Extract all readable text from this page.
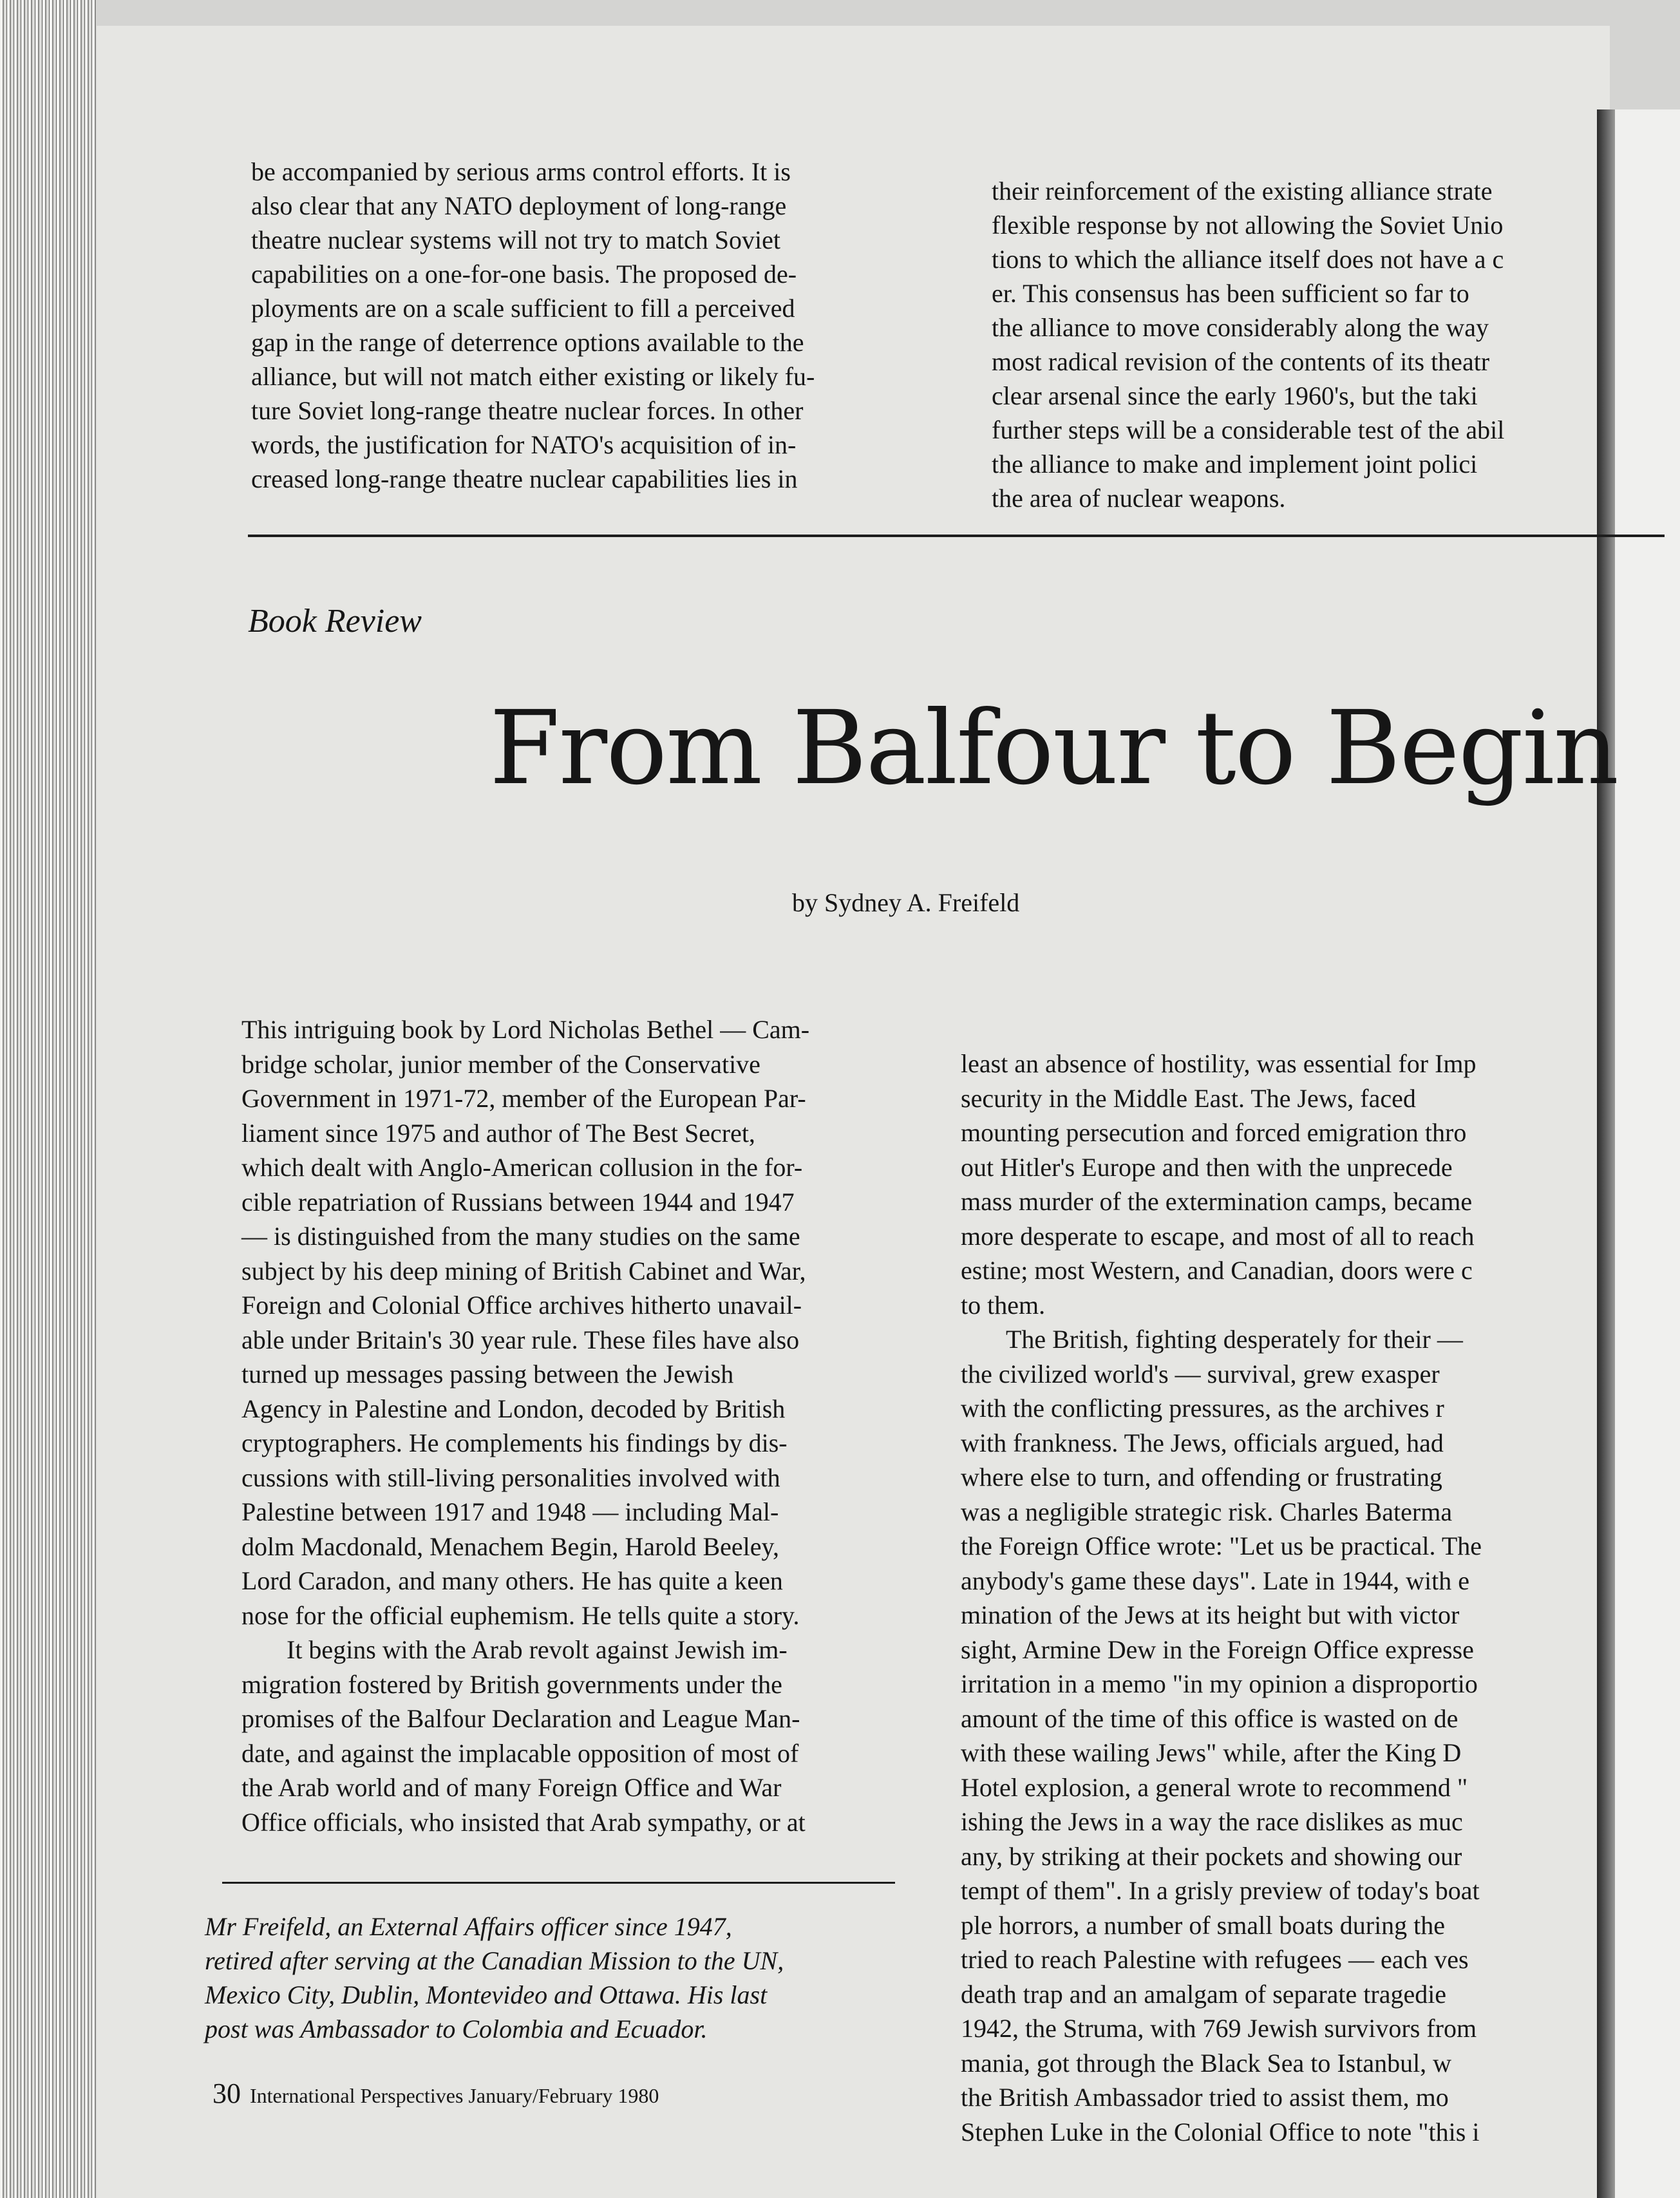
be accompanied by serious arms control efforts. It is

also clear that any NATO deployment of long-range

theatre nuclear systems will not try to match Soviet

capabilities on a one-for-one basis. The proposed de-

ployments are on a scale sufficient to fill a perceived

gap in the range of deterrence options available to the

alliance, but will not match either existing or likely fu-

ture Soviet long-range theatre nuclear forces. In other

words, the justification for NATO's acquisition of in-

creased long-range theatre nuclear capabilities lies in

their reinforcement of the existing alliance strate

flexible response by not allowing the Soviet Unio

tions to which the alliance itself does not have a c

er. This consensus has been sufficient so far to

the alliance to move considerably along the way

most radical revision of the contents of its theatr

clear arsenal since the early 1960's, but the taki

further steps will be a considerable test of the abil

the alliance to make and implement joint polici

the area of nuclear weapons.

Book Review
From Balfour to Begin
by Sydney A. Freifeld

This intriguing book by Lord Nicholas Bethel — Cam-

bridge scholar, junior member of the Conservative

Government in 1971-72, member of the European Par-

liament since 1975 and author of The Best Secret,

which dealt with Anglo-American collusion in the for-

cible repatriation of Russians between 1944 and 1947

— is distinguished from the many studies on the same

subject by his deep mining of British Cabinet and War,

Foreign and Colonial Office archives hitherto unavail-

able under Britain's 30 year rule. These files have also

turned up messages passing between the Jewish

Agency in Palestine and London, decoded by British

cryptographers. He complements his findings by dis-

cussions with still-living personalities involved with

Palestine between 1917 and 1948 — including Mal-

dolm Macdonald, Menachem Begin, Harold Beeley,

Lord Caradon, and many others. He has quite a keen

nose for the official euphemism. He tells quite a story.

It begins with the Arab revolt against Jewish im-

migration fostered by British governments under the

promises of the Balfour Declaration and League Man-

date, and against the implacable opposition of most of

the Arab world and of many Foreign Office and War

Office officials, who insisted that Arab sympathy, or at

least an absence of hostility, was essential for Imp

security in the Middle East. The Jews, faced

mounting persecution and forced emigration thro

out Hitler's Europe and then with the unprecede

mass murder of the extermination camps, became

more desperate to escape, and most of all to reach

estine; most Western, and Canadian, doors were c

to them.

The British, fighting desperately for their —

the civilized world's — survival, grew exasper

with the conflicting pressures, as the archives r

with frankness. The Jews, officials argued, had

where else to turn, and offending or frustrating

was a negligible strategic risk. Charles Baterma

the Foreign Office wrote: "Let us be practical. The

anybody's game these days". Late in 1944, with e

mination of the Jews at its height but with victor

sight, Armine Dew in the Foreign Office expresse

irritation in a memo "in my opinion a disproportio

amount of the time of this office is wasted on de

with these wailing Jews" while, after the King D

Hotel explosion, a general wrote to recommend "

ishing the Jews in a way the race dislikes as muc

any, by striking at their pockets and showing our

tempt of them". In a grisly preview of today's boat

ple horrors, a number of small boats during the

tried to reach Palestine with refugees — each ves

death trap and an amalgam of separate tragedie

1942, the Struma, with 769 Jewish survivors from

mania, got through the Black Sea to Istanbul, w

the British Ambassador tried to assist them, mo

Stephen Luke in the Colonial Office to note "this i

Mr Freifeld, an External Affairs officer since 1947,
retired after serving at the Canadian Mission to the UN,
Mexico City, Dublin, Montevideo and Ottawa. His last
post was Ambassador to Colombia and Ecuador.
30 International Perspectives January/February 1980
